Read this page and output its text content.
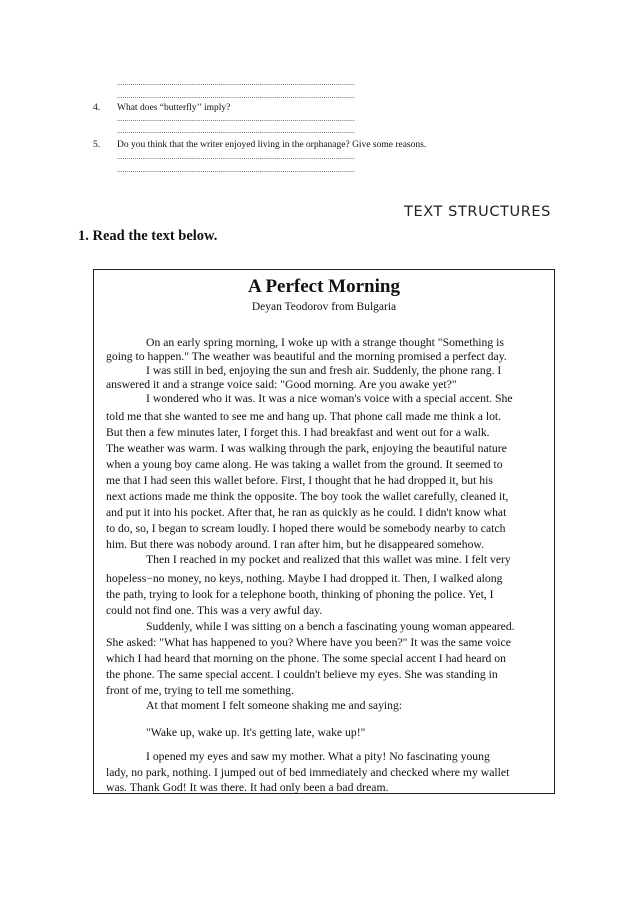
..........................................................................................................................
..........................................................................................................................
4. What does “butterfly’’ imply?
..........................................................................................................................
..........................................................................................................................
5. Do you think that the writer enjoyed living in the orphanage? Give some reasons.
..........................................................................................................................
..........................................................................................................................
TEXT STRUCTURES
1. Read the text below.
A Perfect Morning
Deyan Teodorov from Bulgaria
On an early spring morning, I woke up with a strange thought "Something is
going to happen." The weather was beautiful and the morning promised a perfect day.
I was still in bed, enjoying the sun and fresh air. Suddenly, the phone rang. I
answered it and a strange voice said: "Good morning. Are you awake yet?"
I wondered who it was. It was a nice woman's voice with a special accent. She
told me that she wanted to see me and hang up. That phone call made me think a lot.
But then a few minutes later, I forget this. I had breakfast and went out for a walk.
The weather was warm. I was walking through the park, enjoying the beautiful nature
when a young boy came along. He was taking a wallet from the ground. It seemed to
me that I had seen this wallet before. First, I thought that he had dropped it, but his
next actions made me think the opposite. The boy took the wallet carefully, cleaned it,
and put it into his pocket. After that, he ran as quickly as he could. I didn't know what
to do, so, I began to scream loudly. I hoped there would be somebody nearby to catch
him. But there was nobody around. I ran after him, but he disappeared somehow.
Then I reached in my pocket and realized that this wallet was mine. I felt very
hopeless−no money, no keys, nothing. Maybe I had dropped it. Then, I walked along
the path, trying to look for a telephone booth, thinking of phoning the police. Yet, I
could not find one. This was a very awful day.
Suddenly, while I was sitting on a bench a fascinating young woman appeared.
She asked: "What has happened to you? Where have you been?" It was the same voice
which I had heard that morning on the phone. The some special accent I had heard on
the phone. The same special accent. I couldn't believe my eyes. She was standing in
front of me, trying to tell me something.
At that moment I felt someone shaking me and saying:
"Wake up, wake up. It's getting late, wake up!"
I opened my eyes and saw my mother. What a pity! No fascinating young
lady, no park, nothing. I jumped out of bed immediately and checked where my wallet
was. Thank God! It was there. It had only been a bad dream.
